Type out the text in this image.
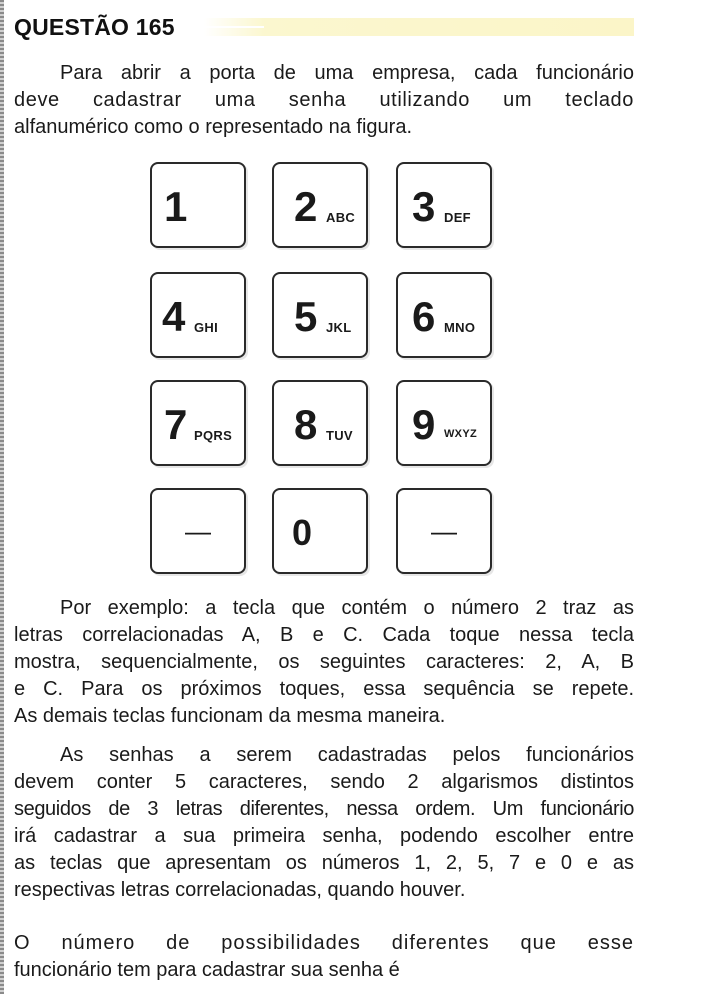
QUESTÃO 165
Para abrir a porta de uma empresa, cada funcionário
deve cadastrar uma senha utilizando um teclado
alfanumérico como o representado na figura.
1	2 ABC 3 DEF
4 GHI 5 JKL 6 MNO
7 PQRS 8 TUV 9 WXYZ
—	0	—
Por exemplo: a tecla que contém o número 2 traz as
letras correlacionadas A, B e C. Cada toque nessa tecla
mostra, sequencialmente, os seguintes caracteres: 2, A, B
e C. Para os próximos toques, essa sequência se repete.
As demais teclas funcionam da mesma maneira.
As senhas a serem cadastradas pelos funcionários
devem conter 5 caracteres, sendo 2 algarismos distintos
seguidos de 3 letras diferentes, nessa ordem. Um funcionário
irá cadastrar a sua primeira senha, podendo escolher entre
as teclas que apresentam os números 1, 2, 5, 7 e 0 e as
respectivas letras correlacionadas, quando houver.
O número de possibilidades diferentes que esse
funcionário tem para cadastrar sua senha é
